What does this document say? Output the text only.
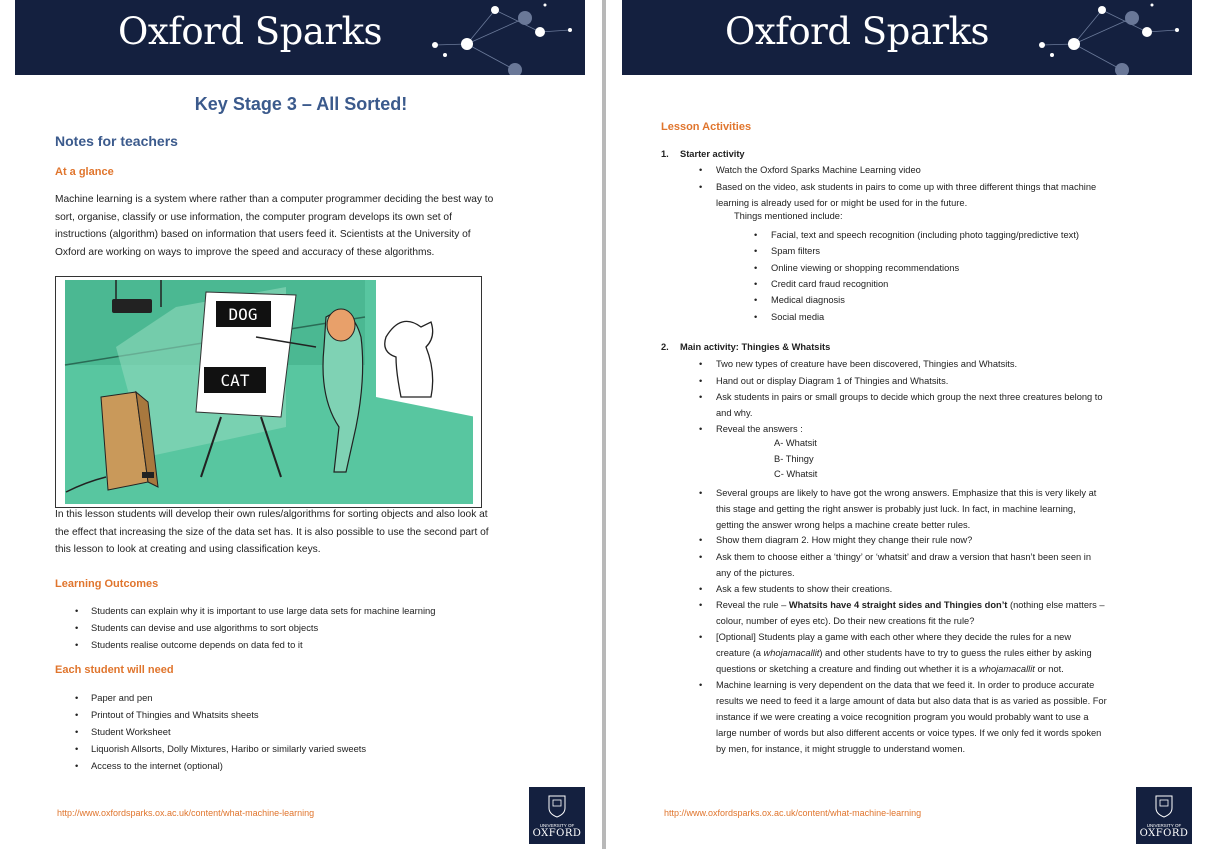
Oxford Sparks
Key Stage 3 – All Sorted!
Notes for teachers
At a glance
Machine learning is a system where rather than a computer programmer deciding the best way to
sort, organise, classify or use information, the computer program develops its own set of
instructions (algorithm) based on information that users feed it. Scientists at the University of
Oxford are working on ways to improve the speed and accuracy of these algorithms.
DOG
CAT
In this lesson students will develop their own rules/algorithms for sorting objects and also look at
the effect that increasing the size of the data set has. It is also possible to use the second part of
this lesson to look at creating and using classification keys.
Learning Outcomes
• Students can explain why it is important to use large data sets for machine learning
• Students can devise and use algorithms to sort objects
• Students realise outcome depends on data fed to it
Each student will need
• Paper and pen
• Printout of Thingies and Whatsits sheets
• Student Worksheet
• Liquorish Allsorts, Dolly Mixtures, Haribo or similarly varied sweets
• Access to the internet (optional)
http://www.oxfordsparks.ox.ac.uk/content/what-machine-learning
UNIVERSITY OF
OXFORD
Oxford Sparks
Lesson Activities
1. Starter activity
• Watch the Oxford Sparks Machine Learning video
• Based on the video, ask students in pairs to come up with three different things that machine
learning is already used for or might be used for in the future.
Things mentioned include:
• Facial, text and speech recognition (including photo tagging/predictive text)
• Spam filters
• Online viewing or shopping recommendations
• Credit card fraud recognition
• Medical diagnosis
• Social media
2. Main activity: Thingies & Whatsits
• Two new types of creature have been discovered, Thingies and Whatsits.
• Hand out or display Diagram 1 of Thingies and Whatsits.
• Ask students in pairs or small groups to decide which group the next three creatures belong to
and why.
• Reveal the answers :
A- Whatsit
B- Thingy
C- Whatsit
• Several groups are likely to have got the wrong answers. Emphasize that this is very likely at
this stage and getting the right answer is probably just luck. In fact, in machine learning,
getting the answer wrong helps a machine create better rules.
• Show them diagram 2. How might they change their rule now?
• Ask them to choose either a ‘thingy’ or ‘whatsit’ and draw a version that hasn’t been seen in
any of the pictures.
• Ask a few students to show their creations.
• Reveal the rule – Whatsits have 4 straight sides and Thingies don’t (nothing else matters –
colour, number of eyes etc). Do their new creations fit the rule?
• [Optional] Students play a game with each other where they decide the rules for a new
creature (a whojamacallit) and other students have to try to guess the rules either by asking
questions or sketching a creature and finding out whether it is a whojamacallit or not.
• Machine learning is very dependent on the data that we feed it. In order to produce accurate
results we need to feed it a large amount of data but also data that is as varied as possible. For
instance if we were creating a voice recognition program you would probably want to use a
large number of words but also different accents or voice types. If we only fed it words spoken
by men, for instance, it might struggle to understand women.
http://www.oxfordsparks.ox.ac.uk/content/what-machine-learning
UNIVERSITY OF
OXFORD
